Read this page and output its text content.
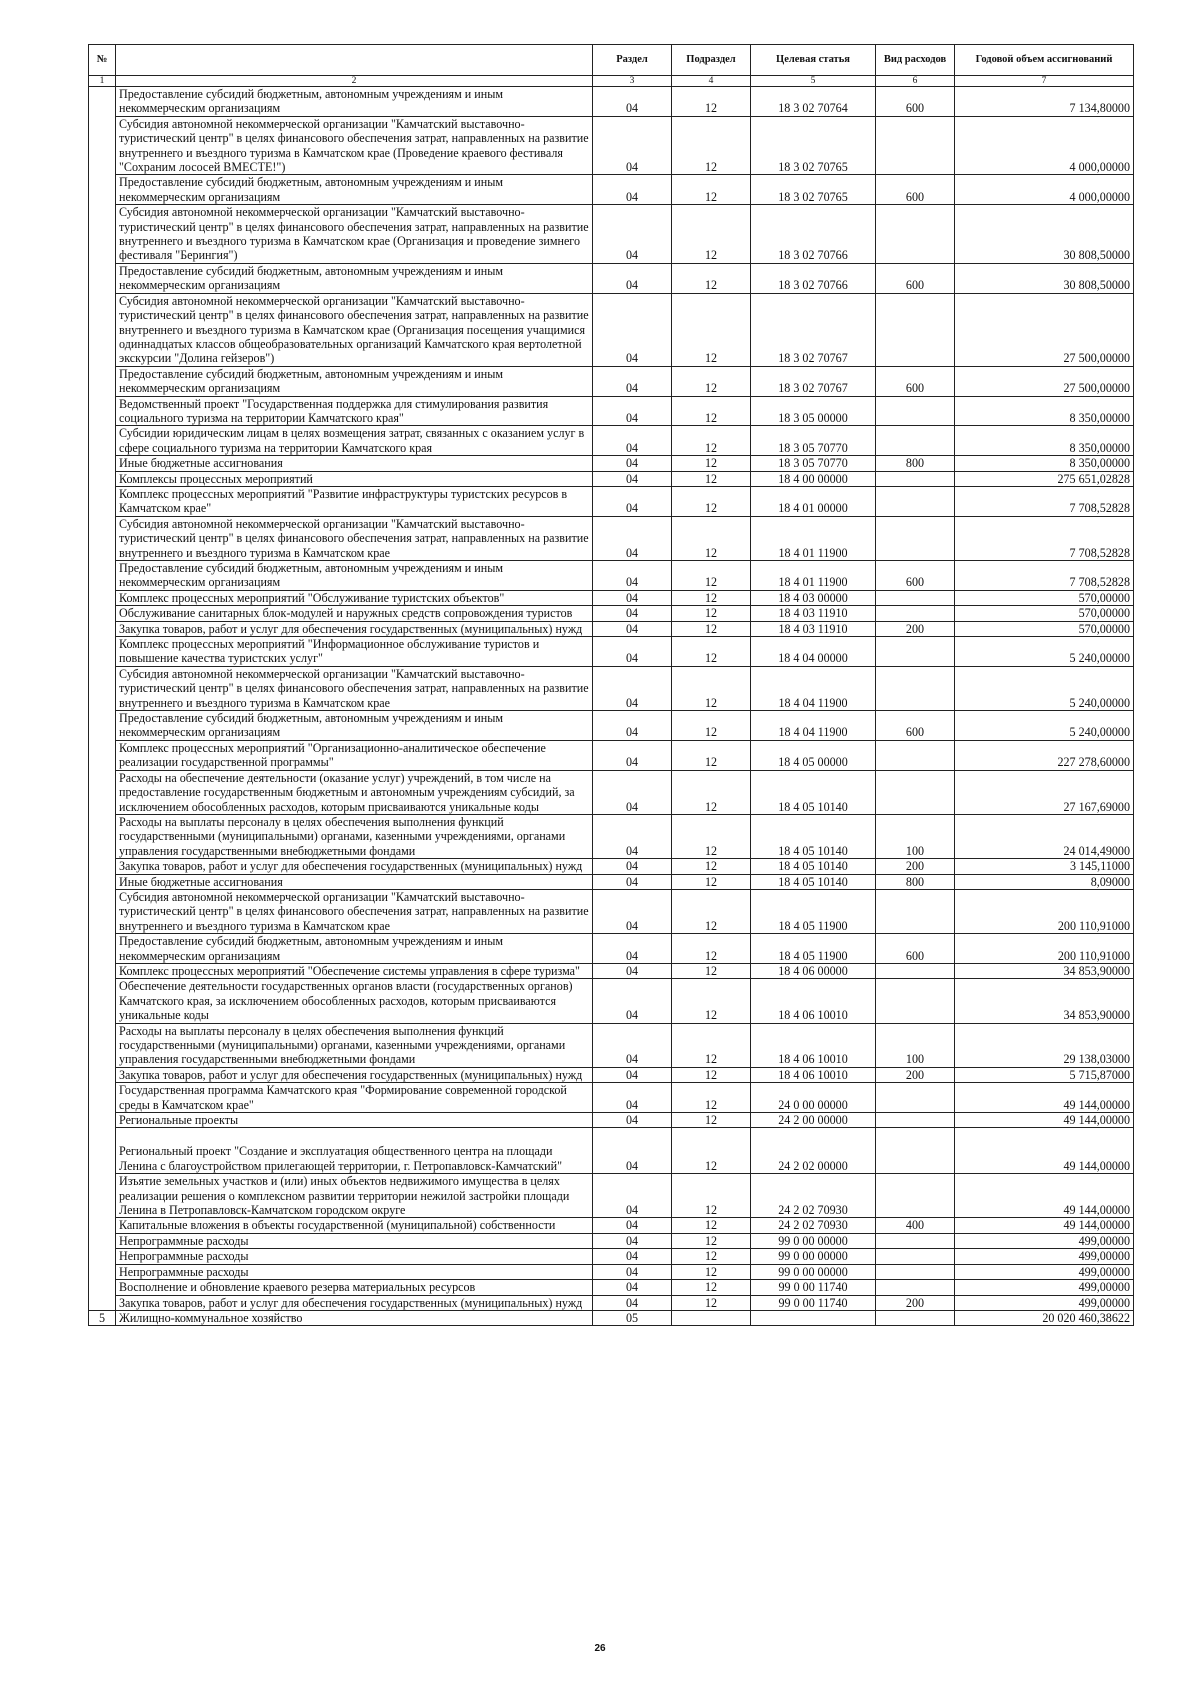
№		Раздел	Подраздел	Целевая статья	Вид расходов	Годовой объем ассигнований
1	2	3	4	5	6	7
	Предоставление субсидий бюджетным, автономным учреждениям и иным некоммерческим организациям	04	12	18 3 02 70764	600	7 134,80000
	Субсидия автономной некоммерческой организации "Камчатский выставочно-туристический центр" в целях финансового обеспечения затрат, направленных на развитие внутреннего и въездного туризма в Камчатском крае (Проведение краевого фестиваля "Сохраним лососей ВМЕСТЕ!")	04	12	18 3 02 70765		4 000,00000
	Предоставление субсидий бюджетным, автономным учреждениям и иным некоммерческим организациям	04	12	18 3 02 70765	600	4 000,00000
	Субсидия автономной некоммерческой организации "Камчатский выставочно-туристический центр" в целях финансового обеспечения затрат, направленных на развитие внутреннего и въездного туризма в Камчатском крае (Организация и проведение зимнего фестиваля "Берингия")	04	12	18 3 02 70766		30 808,50000
	Предоставление субсидий бюджетным, автономным учреждениям и иным некоммерческим организациям	04	12	18 3 02 70766	600	30 808,50000
	Субсидия автономной некоммерческой организации "Камчатский выставочно-туристический центр" в целях финансового обеспечения затрат, направленных на развитие внутреннего и въездного туризма в Камчатском крае (Организация посещения учащимися одиннадцатых классов общеобразовательных организаций Камчатского края вертолетной экскурсии "Долина гейзеров")	04	12	18 3 02 70767		27 500,00000
	Предоставление субсидий бюджетным, автономным учреждениям и иным некоммерческим организациям	04	12	18 3 02 70767	600	27 500,00000
	Ведомственный проект "Государственная поддержка для стимулирования развития социального туризма на территории Камчатского края"	04	12	18 3 05 00000		8 350,00000
	Субсидии юридическим лицам в целях возмещения затрат, связанных с оказанием услуг в сфере социального туризма на территории Камчатского края	04	12	18 3 05 70770		8 350,00000
	Иные бюджетные ассигнования	04	12	18 3 05 70770	800	8 350,00000
	Комплексы процессных мероприятий	04	12	18 4 00 00000		275 651,02828
	Комплекс процессных мероприятий "Развитие инфраструктуры туристских ресурсов в Камчатском крае"	04	12	18 4 01 00000		7 708,52828
	Субсидия автономной некоммерческой организации "Камчатский выставочно-туристический центр" в целях финансового обеспечения затрат, направленных на развитие внутреннего и въездного туризма в Камчатском крае	04	12	18 4 01 11900		7 708,52828
	Предоставление субсидий бюджетным, автономным учреждениям и иным некоммерческим организациям	04	12	18 4 01 11900	600	7 708,52828
	Комплекс процессных мероприятий "Обслуживание туристских объектов"	04	12	18 4 03 00000		570,00000
	Обслуживание санитарных блок-модулей и наружных средств сопровождения туристов	04	12	18 4 03 11910		570,00000
	Закупка товаров, работ и услуг для обеспечения государственных (муниципальных) нужд	04	12	18 4 03 11910	200	570,00000
	Комплекс процессных мероприятий "Информационное обслуживание туристов и повышение качества туристских услуг"	04	12	18 4 04 00000		5 240,00000
	Субсидия автономной некоммерческой организации "Камчатский выставочно-туристический центр" в целях финансового обеспечения затрат, направленных на развитие внутреннего и въездного туризма в Камчатском крае	04	12	18 4 04 11900		5 240,00000
	Предоставление субсидий бюджетным, автономным учреждениям и иным некоммерческим организациям	04	12	18 4 04 11900	600	5 240,00000
	Комплекс процессных мероприятий "Организационно-аналитическое обеспечение реализации государственной программы"	04	12	18 4 05 00000		227 278,60000
	Расходы на обеспечение деятельности (оказание услуг) учреждений, в том числе на предоставление государственным бюджетным и автономным учреждениям субсидий, за исключением обособленных расходов, которым присваиваются уникальные коды	04	12	18 4 05 10140		27 167,69000
	Расходы на выплаты персоналу в целях обеспечения выполнения функций государственными (муниципальными) органами, казенными учреждениями, органами управления государственными внебюджетными фондами	04	12	18 4 05 10140	100	24 014,49000
	Закупка товаров, работ и услуг для обеспечения государственных (муниципальных) нужд	04	12	18 4 05 10140	200	3 145,11000
	Иные бюджетные ассигнования	04	12	18 4 05 10140	800	8,09000
	Субсидия автономной некоммерческой организации "Камчатский выставочно-туристический центр" в целях финансового обеспечения затрат, направленных на развитие внутреннего и въездного туризма в Камчатском крае	04	12	18 4 05 11900		200 110,91000
	Предоставление субсидий бюджетным, автономным учреждениям и иным некоммерческим организациям	04	12	18 4 05 11900	600	200 110,91000
	Комплекс процессных мероприятий "Обеспечение системы управления в сфере туризма"	04	12	18 4 06 00000		34 853,90000
	Обеспечение деятельности государственных органов власти (государственных органов) Камчатского края, за исключением обособленных расходов, которым присваиваются уникальные коды	04	12	18 4 06 10010		34 853,90000
	Расходы на выплаты персоналу в целях обеспечения выполнения функций государственными (муниципальными) органами, казенными учреждениями, органами управления государственными внебюджетными фондами	04	12	18 4 06 10010	100	29 138,03000
	Закупка товаров, работ и услуг для обеспечения государственных (муниципальных) нужд	04	12	18 4 06 10010	200	5 715,87000
	Государственная программа Камчатского края "Формирование современной городской среды в Камчатском крае"	04	12	24 0 00 00000		49 144,00000
	Региональные проекты	04	12	24 2 00 00000		49 144,00000
	Региональный проект "Создание и эксплуатация общественного центра на площади Ленина с благоустройством прилегающей территории, г. Петропавловск-Камчатский"	04	12	24 2 02 00000		49 144,00000
	Изъятие земельных участков и (или) иных объектов недвижимого имущества в целях реализации решения о комплексном развитии территории нежилой застройки площади Ленина в Петропавловск-Камчатском городском округе	04	12	24 2 02 70930		49 144,00000
	Капитальные вложения в объекты государственной (муниципальной) собственности	04	12	24 2 02 70930	400	49 144,00000
	Непрограммные расходы	04	12	99 0 00 00000		499,00000
	Непрограммные расходы	04	12	99 0 00 00000		499,00000
	Непрограммные расходы	04	12	99 0 00 00000		499,00000
	Восполнение и обновление краевого резерва материальных ресурсов	04	12	99 0 00 11740		499,00000
	Закупка товаров, работ и услуг для обеспечения государственных (муниципальных) нужд	04	12	99 0 00 11740	200	499,00000
5	Жилищно-коммунальное хозяйство	05				20 020 460,38622
26
